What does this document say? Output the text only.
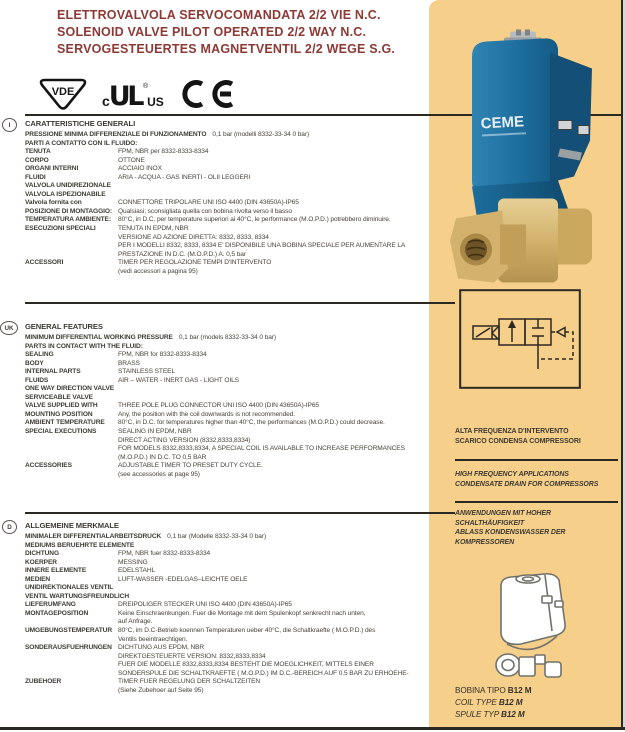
ELETTROVALVOLA SERVOCOMANDATA 2/2 VIE N.C.
SOLENOID VALVE PILOT OPERATED 2/2 WAY N.C.
SERVOGESTEUERTES MAGNETVENTIL 2/2 WEGE S.G.
VDE
c UL ®
US
I	CARATTERISTICHE GENERALI
PRESSIONE MINIMA DIFFERENZIALE DI FUNZIONAMENTO 0,1 bar (modelli 8332-33-34 0 bar)
PARTI A CONTATTO CON IL FLUIDO:
TENUTA	FPM, NBR per 8332-8333-8334
CORPO	OTTONE
ORGANI INTERNI	ACCIAIO INOX
FLUIDI	ARIA - ACQUA - GAS INERTI - OLII LEGGERI
VALVOLA UNIDIREZIONALE
VALVOLA ISPEZIONABILE
Valvola fornita con	CONNETTORE TRIPOLARE UNI ISO 4400 (DIN 43650A)-IP65
POSIZIONE DI MONTAGGIO: Qualsiasi; sconsigliata quella con bobina rivolta verso il basso
TEMPERATURA AMBIENTE: 80°C, in D.C. per temperature superiori ai 40°C, le performance (M.O.P.D.) potrebbero diminuire.
ESECUZIONI SPECIALI	TENUTA IN EPDM, NBR
VERSIONE AD AZIONE DIRETTA: 8332, 8333, 8334
PER I MODELLI 8332, 8333, 8334 E' DISPONIBILE UNA BOBINA SPECIALE PER AUMENTARE LA
PRESTAZIONE IN D.C. (M.O.P.D.) A. 0,5 bar
ACCESSORI	TIMER PER REGOLAZIONE TEMPI D'INTERVENTO
(vedi accessori a pagina 95)
UK	GENERAL FEATURES
MINIMUM DIFFERENTIAL WORKING PRESSURE 0,1 bar (models 8332-33-34 0 bar)
PARTS IN CONTACT WITH THE FLUID:
SEALING	FPM, NBR for 8332-8333-8334
BODY	BRASS
INTERNAL PARTS	STAINLESS STEEL
FLUIDS	AIR – WATER - INERT GAS - LIGHT OILS
ONE WAY DIRECTION VALVE
SERVICEABLE VALVE
VALVE SUPPLIED WITH	THREE POLE PLUG CONNECTOR UNI ISO 4400 (DIN 43650A)-IP65
MOUNTING POSITION	Any, the position with the coil downwards is not recommended.
AMBIENT TEMPERATURE 80°C, in D.C. for temperatures higher than 40°C, the performances (M.O.P.D.) could decrease.
SPECIAL EXECUTIONS	SEALING IN EPDM, NBR
DIRECT ACTING VERSION (8332,8333,8334)
FOR MODELS 8332,8333,8334, A SPECIAL COIL IS AVAILABLE TO INCREASE PERFORMANCES
(M.O.P.D.) IN D.C. TO 0,5 BAR
ACCESSORIES	ADJUSTABLE TIMER TO PRESET DUTY CYCLE.
(see accessories at page 95)
D	ALLGEMEINE MERKMALE
MINIMALER DIFFERENTIALARBEITSDRUCK 0,1 bar (Modelle 8332-33-34 0 bar)
MEDIUMS BERUEHRTE ELEMENTE
DICHTUNG	FPM, NBR fuer 8332-8333-8334
KOERPER	MESSING
INNERE ELEMENTE	EDELSTAHL
MEDIEN	LUFT-WASSER -EDELGAS–LEICHTE OELE
UNIDIREKTIONALES VENTIL
VENTIL WARTUNGSFREUNDLICH
LIEFERUMFANG	DREIPOLIGER STECKER UNI ISO 4400 (DIN 43650A)-IP65
MONTAGEPOSITION	Keine Einschraenkungen. Fuer die Montage mit dem Spulenkopf senkrecht nach unten,
auf Anfrage.
UMGEBUNGSTEMPERATUR 80°C, im D.C-Betrieb koennen Temperaturen ueber 40°C, die Schaltkraefte ( M.O.P.D.) des
Ventils beeintraechtigen.
SONDERAUSFUEHRUNGEN DICHTUNG AUS EPDM, NBR
DIREKTGESTEUERTE VERSION: 8332,8333,8334
FUER DIE MODELLE 8332,8333,8334 BESTEHT DIE MOEGLICHKEIT, MITTELS EINER
SONDERSPULE DIE SCHALTKRAEFTE ( M.O.P.D.) IM D.C.-BEREICH AUF 0.5 BAR ZU ERHOEHE-
ZUBEHOER	TIMER FUER REGELUNG DER SCHALTZEITEN
(Siehe Zubehoer auf Seite 95)
CEME
ALTA FREQUENZA D'INTERVENTO
SCARICO CONDENSA COMPRESSORI
HIGH FREQUENCY APPLICATIONS
CONDENSATE DRAIN FOR COMPRESSORS
ANWENDUNGEN MIT HOHER SCHALTHÄUFIGKEIT
ABLASS KONDENSWASSER DER KOMPRESSOREN
BOBINA TIPO B12 M
COIL TYPE B12 M
SPULE TYP B12 M
